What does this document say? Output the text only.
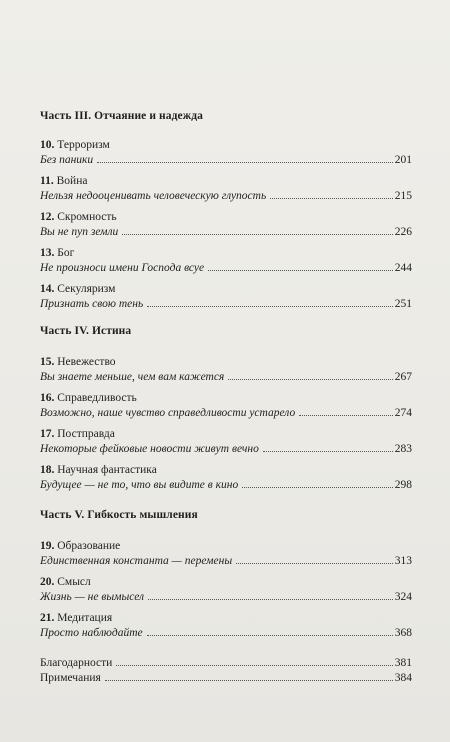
Часть III. Отчаяние и надежда
10. Терроризм
Без паники	201
11. Война
Нельзя недооценивать человеческую глупость	215
12. Скромность
Вы не пуп земли	226
13. Бог
Не произноси имени Господа всуе	244
14. Секуляризм
Признать свою тень	251
Часть IV. Истина
15. Невежество
Вы знаете меньше, чем вам кажется	267
16. Справедливость
Возможно, наше чувство справедливости устарело	274
17. Постправда
Некоторые фейковые новости живут вечно	283
18. Научная фантастика
Будущее — не то, что вы видите в кино	298
Часть V. Гибкость мышления
19. Образование
Единственная константа — перемены	313
20. Смысл
Жизнь — не вымысел	324
21. Медитация
Просто наблюдайте	368
Благодарности	381
Примечания	384
